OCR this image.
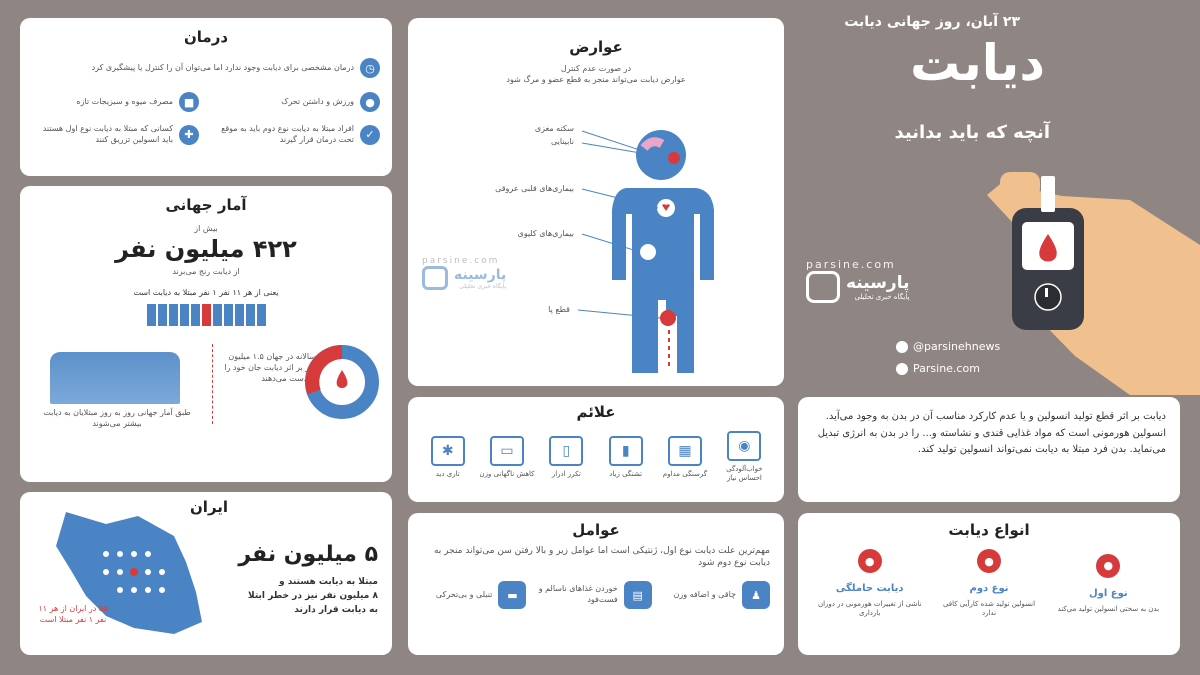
۲۳ آبان، روز جهانی دیابت
دیابت
آنچه که باید بدانید
parsine.com
پارسینه
پایگاه خبری تحلیلی
@parsinehnews
Parsine.com
درمان
◷
درمان مشخصی برای دیابت وجود ندارد اما می‌توان آن را کنترل یا پیشگیری کرد
●
ورزش و داشتن تحرک
■
مصرف میوه و سبزیجات تازه
✓
افراد مبتلا به دیابت نوع دوم باید به موقع تحت درمان قرار گیرند
✚
کسانی که مبتلا به دیابت نوع اول هستند باید انسولین تزریق کنند
آمار جهانی
بیش از
۴۲۲ میلیون نفر
از دیابت رنج می‌برند
یعنی از هر ۱۱ نفر ۱ نفر مبتلا به دیابت است
طبق آمار جهانی روز به روز مبتلایان به دیابت بیشتر می‌شوند
سالانه در جهان ۱.۵ میلیون نفر بر اثر دیابت جان خود را از دست می‌دهند
ایران
۵۵ در ایران از هر ۱۱ نفر ۱ نفر مبتلا است
۵ میلیون نفر
مبتلا به دیابت هستند و
۸ میلیون نفر نیز در خطر ابتلا
به دیابت قرار دارند
عوارض
در صورت عدم کنترل
عوارض دیابت می‌تواند منجر به قطع عضو و مرگ شود
سکته مغزی
نابینایی
بیماری‌های قلبی عروقی
بیماری‌های کلیوی
قطع پا
parsine.com
پارسینه
پایگاه خبری تحلیلی
علائم
◉
خواب‌آلودگی احساس نیاز
▦
گرسنگی مداوم
▮
تشنگی زیاد
▯
تکرر ادرار
▭
کاهش ناگهانی وزن
✱
تاری دید
عوامل
مهم‌ترین علت دیابت نوع اول، ژنتیکی است اما عوامل زیر و بالا رفتن سن می‌تواند منجر به دیابت نوع دوم شود
♟
چاقی و اضافه وزن
▤
خوردن غذاهای ناسالم و فست‌فود
▬
تنبلی و بی‌تحرکی
دیابت بر اثر قطع تولید انسولین و یا عدم کارکرد مناسب آن در بدن به وجود می‌آید. انسولین هورمونی است که مواد غذایی قندی و نشاسته و... را در بدن به انرژی تبدیل می‌نماید. بدن فرد مبتلا به دیابت نمی‌تواند انسولین تولید کند.
انواع دیابت
●
نوع اول
بدن به سختی انسولین تولید می‌کند
●
نوع دوم
انسولین تولید شده کارآیی کافی ندارد
●
دیابت حاملگی
ناشی از تغییرات هورمونی در دوران بارداری
